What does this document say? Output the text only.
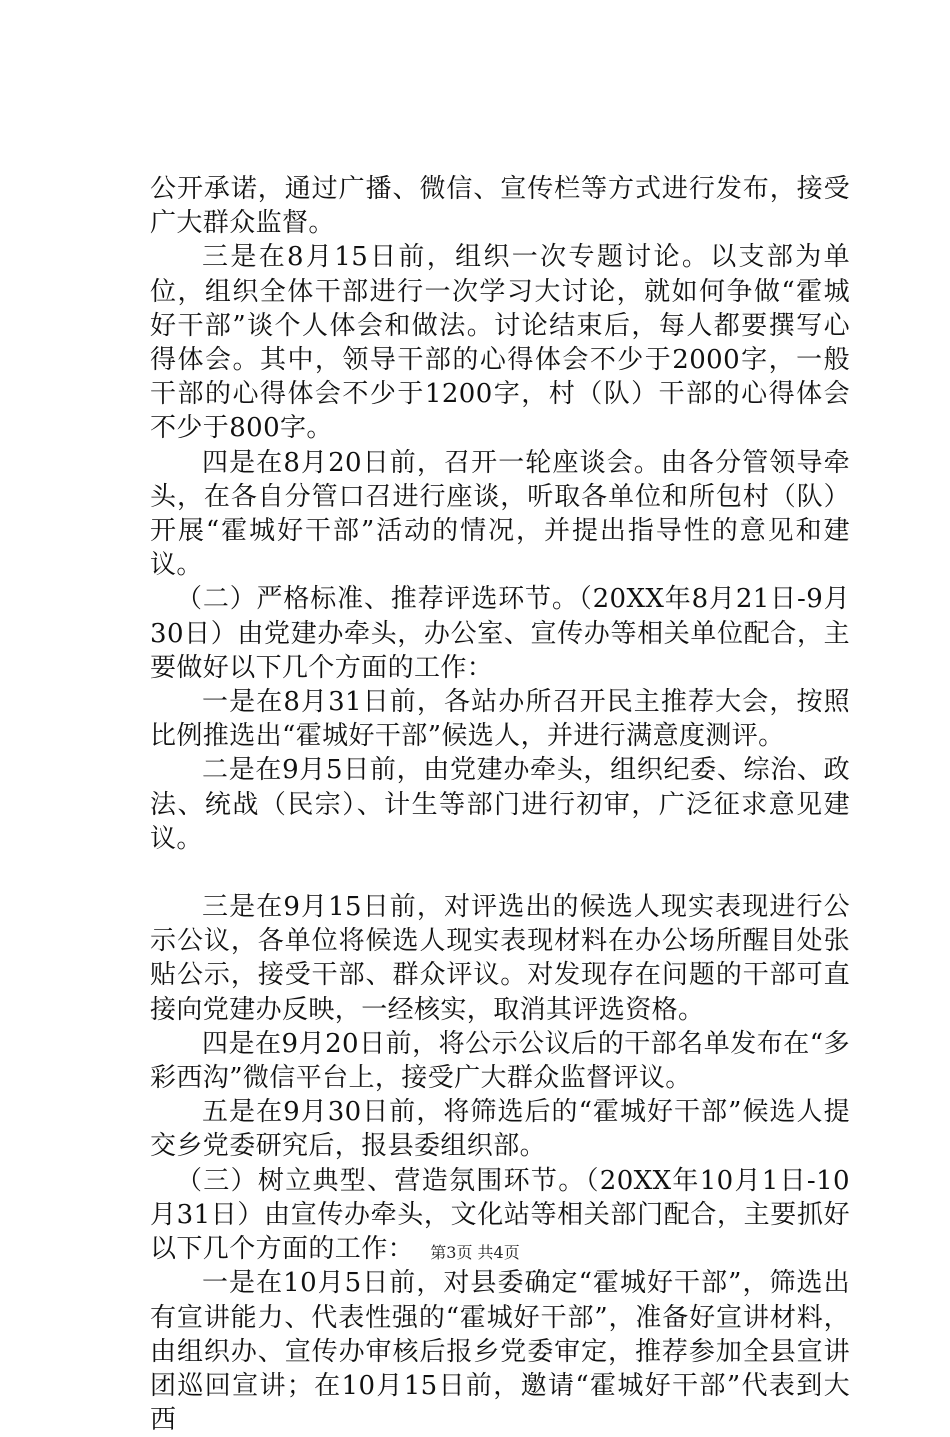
公开承诺，通过广播、微信、宣传栏等方式进行发布，接受广大群众监督。

三是在8月15日前，组织一次专题讨论。以支部为单位，组织全体干部进行一次学习大讨论，就如何争做“霍城好干部”谈个人体会和做法。讨论结束后，每人都要撰写心得体会。其中，领导干部的心得体会不少于2000字，一般干部的心得体会不少于1200字，村（队）干部的心得体会不少于800字。

四是在8月20日前，召开一轮座谈会。由各分管领导牵头，在各自分管口召进行座谈，听取各单位和所包村（队）开展“霍城好干部”活动的情况，并提出指导性的意见和建议。

（二）严格标准、推荐评选环节。（20XX年8月21日-9月30日）由党建办牵头，办公室、宣传办等相关单位配合，主要做好以下几个方面的工作：

一是在8月31日前，各站办所召开民主推荐大会，按照比例推选出“霍城好干部”候选人，并进行满意度测评。

二是在9月5日前，由党建办牵头，组织纪委、综治、政法、统战（民宗）、计生等部门进行初审，广泛征求意见建议。

三是在9月15日前，对评选出的候选人现实表现进行公示公议，各单位将候选人现实表现材料在办公场所醒目处张贴公示，接受干部、群众评议。对发现存在问题的干部可直接向党建办反映，一经核实，取消其评选资格。

四是在9月20日前，将公示公议后的干部名单发布在“多彩西沟”微信平台上，接受广大群众监督评议。

五是在9月30日前，将筛选后的“霍城好干部”候选人提交乡党委研究后，报县委组织部。

（三）树立典型、营造氛围环节。（20XX年10月1日-10月31日）由宣传办牵头，文化站等相关部门配合，主要抓好以下几个方面的工作：

一是在10月5日前，对县委确定“霍城好干部”，筛选出有宣讲能力、代表性强的“霍城好干部”，准备好宣讲材料，由组织办、宣传办审核后报乡党委审定，推荐参加全县宣讲团巡回宣讲；在10月15日前，邀请“霍城好干部”代表到大西

第3页 共4页
